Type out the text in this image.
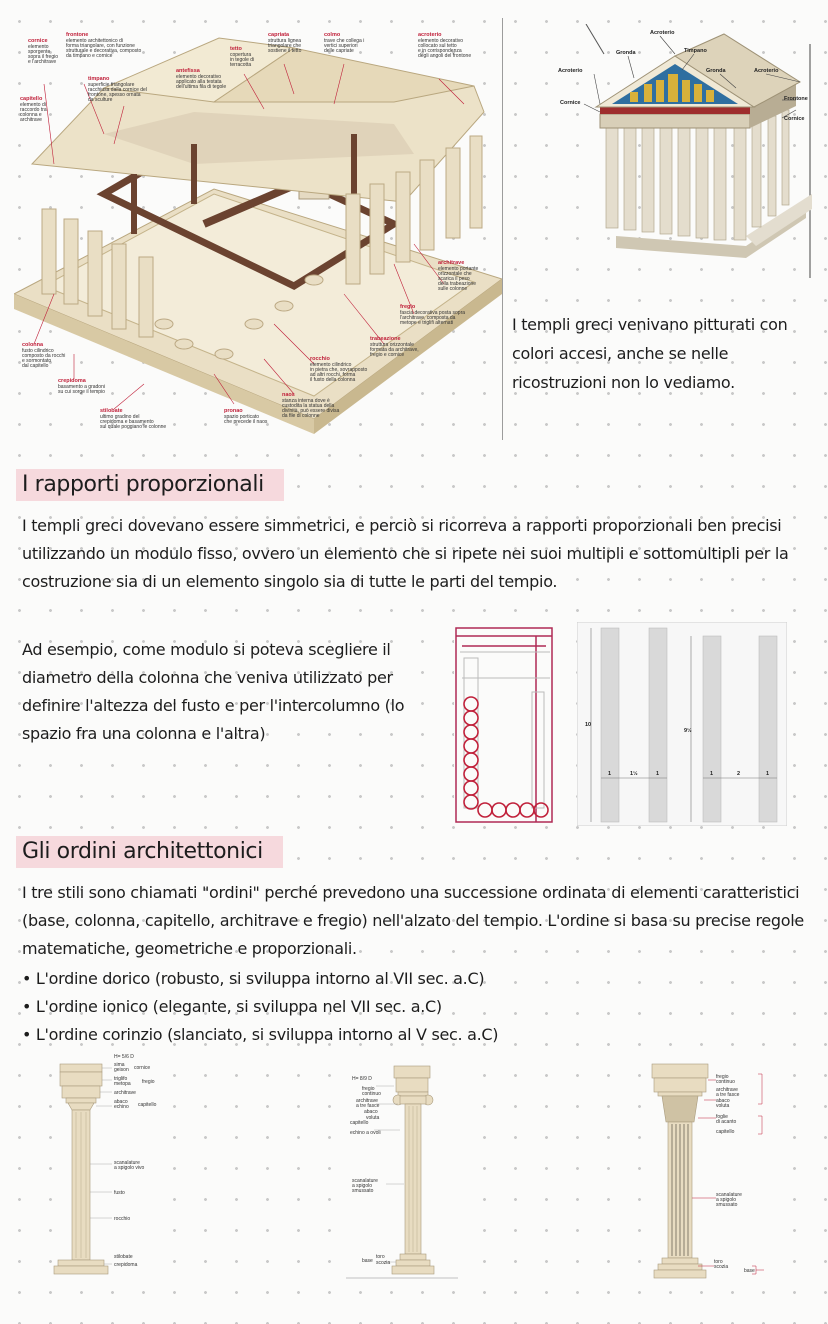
cornice
elemento
sporgente
sopra il fregio
e l'architrave
frontone
elemento architettonico di
forma triangolare, con funzione
strutturale e decorativa, composto
da timpano e cornice
timpano
superficie triangolare
racchiusa dalla cornice del
frontone, spesso ornata
da sculture
capitello
elemento di
raccordo tra
colonna e
architrave
tetto
copertura
in tegole di
terracotta
antefissa
elemento decorativo
applicato alla testata
dell'ultima fila di tegole
capriata
struttura lignea
triangolare che
sostiene il tetto
colmo
trave che collega i
vertici superiori
delle capriate
acroterio
elemento decorativo
collocato sul tetto
e in corrispondenza
degli angoli del frontone
architrave
elemento portante
orizzontale che
scarica il peso
della trabeazione
sulle colonne
fregio
fascia decorativa posta sopra
l'architrave, composta da
metope e triglifi alternati
trabeazione
struttura orizzontale
formata da architrave,
fregio e cornice
colonna
fusto cilindrico
composto da rocchi
e sormontato
dal capitello
rocchio
elemento cilindrico
in pietra che, sovrapposto
ad altri rocchi, forma
il fusto della colonna
crepidoma
basamento a gradoni
su cui sorge il tempio	naos
stanza interna dove è
custodita la statua della
divinità, può essere divisa
da file di colonne
stilobate
ultimo gradino del
crepidoma e basamento
sul quale poggiano le colonne
pronao
spazio porticato
che precede il naos
Acroterio
Gronda	Timpano
Acroterio	Gronda	Acroterio
Cornice
Frontone
Cornice
I templi greci venivano pitturati con colori accesi, anche se nelle ricostruzioni non lo vediamo.
I rapporti proporzionali
I templi greci dovevano essere simmetrici, e perciò si ricorreva a rapporti proporzionali ben precisi utilizzando un modulo fisso, ovvero un elemento che si ripete nei suoi multipli e sottomultipli per la costruzione sia di un elemento singolo sia di tutte le parti del tempio.
Ad esempio, come modulo si poteva scegliere il diametro della colonna che veniva utilizzato per definire l'altezza del fusto e per l'intercolumno (lo spazio fra una colonna e l'altra)	10
9½
1	1½	1	1	2	1
Gli ordini architettonici
I tre stili sono chiamati "ordini" perché prevedono una successione ordinata di elementi caratteristici (base, colonna, capitello, architrave e fregio) nell'alzato del tempio. L'ordine si basa su precise regole matematiche, geometriche e proporzionali.
• L'ordine dorico (robusto, si sviluppa intorno al VII sec. a.C)
• L'ordine ionico (elegante, si sviluppa nel VII sec. a.C)
• L'ordine corinzio (slanciato, si sviluppa intorno al V sec. a.C)
H= 5/6 D
sima
geison cornice
triglifo
metopa fregio
architrave
abaco
echino capitello
scanalature
a spigolo vivo
fusto
rocchio
stilobate
crepidoma
H= 8/9 D
fregio
continuo
architrave
a tre fasce
abaco
voluta
capitello
echino a ovoli
scanalature
a spigolo
smussato
toro
scozia
base
fregio
continuo
architrave
a tre fasce
abaco
voluta
foglie
di acanto
capitello
scanalature
a spigolo
smussato
toro
scozia
base
